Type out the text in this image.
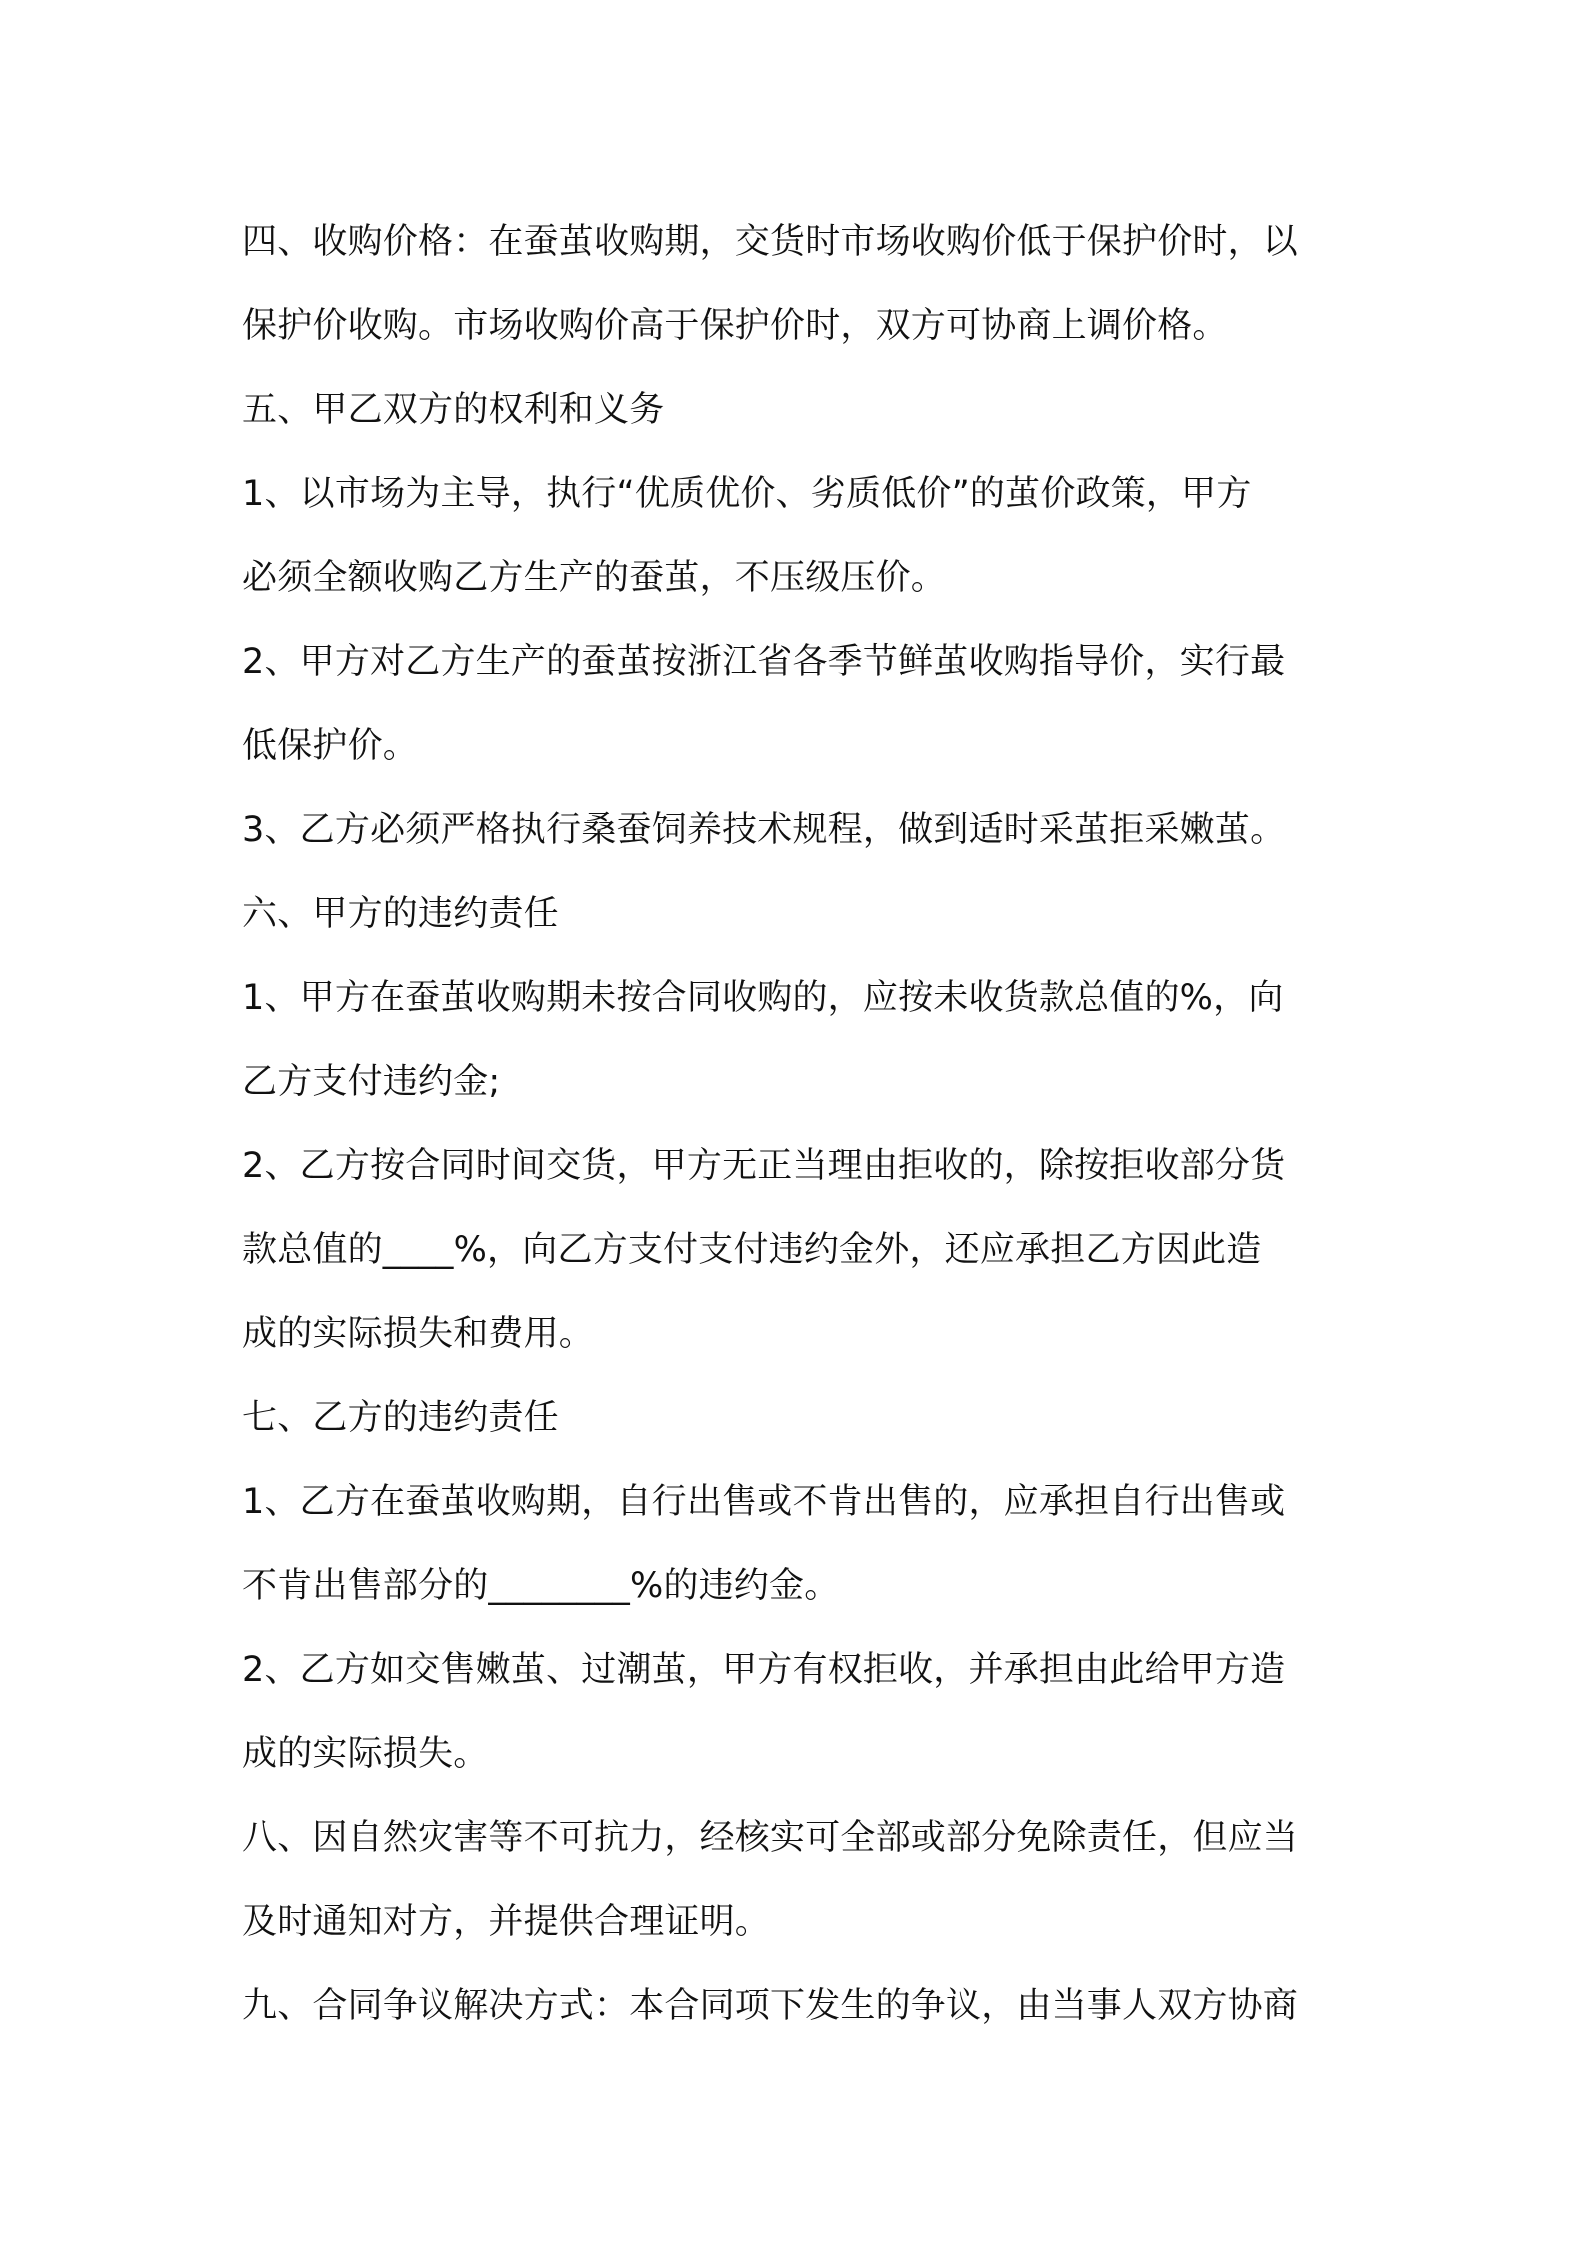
四、收购价格：在蚕茧收购期，交货时市场收购价低于保护价时，以
保护价收购。市场收购价高于保护价时，双方可协商上调价格。
五、甲乙双方的权利和义务
1、以市场为主导，执行“优质优价、劣质低价”的茧价政策，甲方
必须全额收购乙方生产的蚕茧，不压级压价。
2、甲方对乙方生产的蚕茧按浙江省各季节鲜茧收购指导价，实行最
低保护价。
3、乙方必须严格执行桑蚕饲养技术规程，做到适时采茧拒采嫩茧。
六、甲方的违约责任
1、甲方在蚕茧收购期未按合同收购的，应按未收货款总值的%，向
乙方支付违约金;
2、乙方按合同时间交货，甲方无正当理由拒收的，除按拒收部分货
款总值的____%，向乙方支付支付违约金外，还应承担乙方因此造
成的实际损失和费用。
七、乙方的违约责任
1、乙方在蚕茧收购期，自行出售或不肯出售的，应承担自行出售或
不肯出售部分的________%的违约金。
2、乙方如交售嫩茧、过潮茧，甲方有权拒收，并承担由此给甲方造
成的实际损失。
八、因自然灾害等不可抗力，经核实可全部或部分免除责任，但应当
及时通知对方，并提供合理证明。
九、合同争议解决方式：本合同项下发生的争议，由当事人双方协商
